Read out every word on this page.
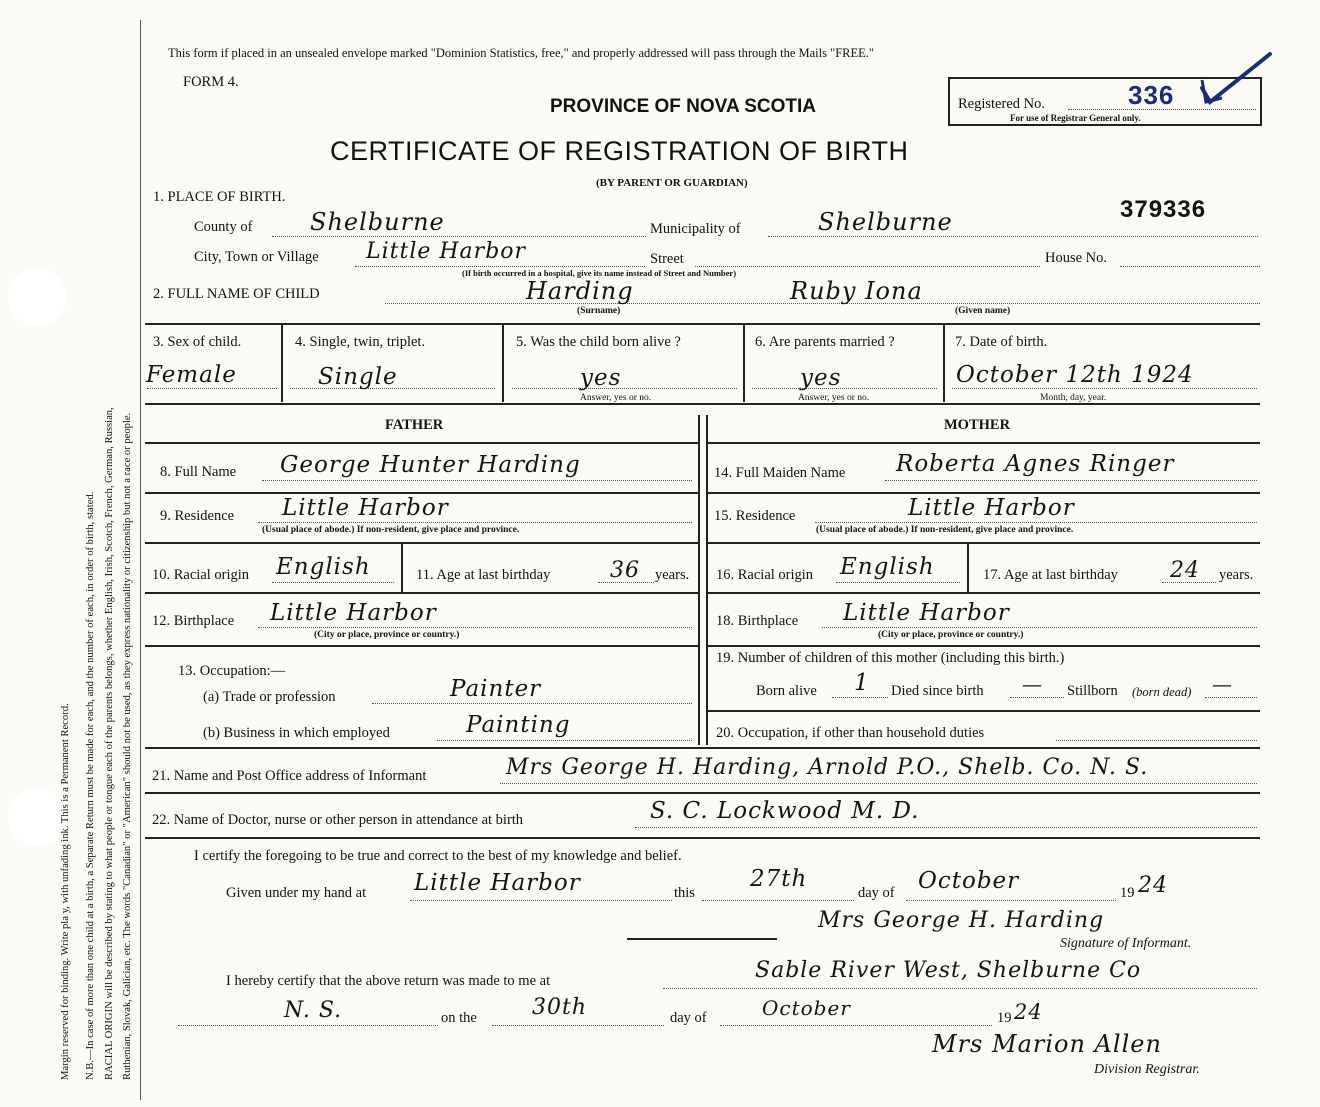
Margin reserved for binding. Write pla y, with unfading ink. This is a Permanent Record. N.B.—In case of more than one child at a birth, a Separate Return must be made for each, and the number of each, in order of birth, stated. RACIAL ORIGIN will be described by stating to what people or tongue each of the parents belongs, whether English, Irish, Scotch, French, German, Russian, Ruthenian, Slovak, Galician, etc. The words "Canadian" or "American" should not be used, as they express nationality or citizenship but not a race or people.
This form if placed in an unsealed envelope marked "Dominion Statistics, free," and properly addressed will pass through the Mails "FREE."
FORM 4.
PROVINCE OF NOVA SCOTIA
CERTIFICATE OF REGISTRATION OF BIRTH
(BY PARENT OR GUARDIAN)
Registered No.	336
For use of Registrar General only.
379336
1. PLACE OF BIRTH.
County of Shelburne	Municipality of	Shelburne
City, Town or Village Little Harbor	Street
(If birth occurred in a hospital, give its name instead of Street and Number)
House No.
2. FULL NAME OF CHILD	Harding	Ruby Iona
(Surname)	(Given name)
3. Sex of child.
Female
4. Single, twin, triplet.
Single
5. Was the child born alive ?
yes
Answer, yes or no.
6. Are parents married ?
yes
Answer, yes or no.
7. Date of birth.
October 12th 1924
Month, day, year.
FATHER	MOTHER
8. Full Name George Hunter Harding
9. Residence Little Harbor
(Usual place of abode.) If non-resident, give place and province.
10. Racial origin English	11. Age at last birthday	36 years.
12. Birthplace Little Harbor
(City or place, province or country.)
13. Occupation:—
(a) Trade or profession	Painter
(b) Business in which employed	Painting
14. Full Maiden Name Roberta Agnes Ringer
15. Residence	Little Harbor
(Usual place of abode.) If non-resident, give place and province.
16. Racial origin English	17. Age at last birthday 24 years.
18. Birthplace Little Harbor
(City or place, province or country.)
19. Number of children of this mother (including this birth.)
Born alive 1 Died since birth — Stillborn (born dead) —
20. Occupation, if other than household duties
21. Name and Post Office address of Informant	Mrs George H. Harding, Arnold P.O., Shelb. Co. N. S.
22. Name of Doctor, nurse or other person in attendance at birth	S. C. Lockwood M. D.
I certify the foregoing to be true and correct to the best of my knowledge and belief.
Given under my hand at Little Harbor	this
27th
day of October	19 24
Mrs George H. Harding
Signature of Informant.
I hereby certify that the above return was made to me at	Sable River West, Shelburne Co
N. S.	on the	30th	day of	October	19 24
Mrs Marion Allen
Division Registrar.
